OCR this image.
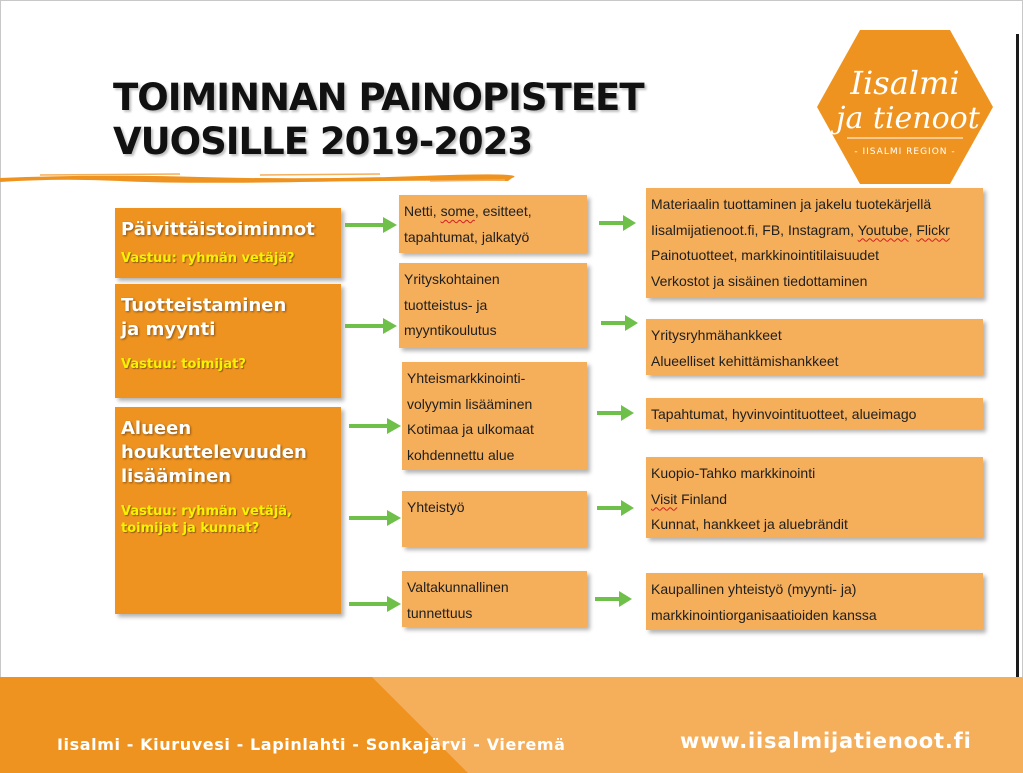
TOIMINNAN PAINOPISTEET
VUOSILLE 2019-2023
Iisalmi
ja tienoot
- IISALMI REGION -
Päivittäistoiminnot
Vastuu: ryhmän vetäjä?
Tuotteistaminen
ja myynti
Vastuu: toimijat?
Alueen
houkuttelevuuden
lisääminen
Vastuu: ryhmän vetäjä,
toimijat ja kunnat?
Netti, some, esitteet,
tapahtumat, jalkatyö
Yrityskohtainen
tuotteistus- ja
myyntikoulutus
Yhteismarkkinointi-
volyymin lisääminen
Kotimaa ja ulkomaat
kohdennettu alue
Yhteistyö
Valtakunnallinen
tunnettuus
Materiaalin tuottaminen ja jakelu tuotekärjellä
Iisalmijatienoot.fi, FB, Instagram, Youtube, Flickr
Painotuotteet, markkinointitilaisuudet
Verkostot ja sisäinen tiedottaminen
Yritysryhmähankkeet
Alueelliset kehittämishankkeet
Tapahtumat, hyvinvointituotteet, alueimago
Kuopio-Tahko markkinointi
Visit Finland
Kunnat, hankkeet ja aluebrändit
Kaupallinen yhteistyö (myynti- ja)
markkinointiorganisaatioiden kanssa
Iisalmi - Kiuruvesi - Lapinlahti - Sonkajärvi - Vieremä	www.iisalmijatienoot.fi
